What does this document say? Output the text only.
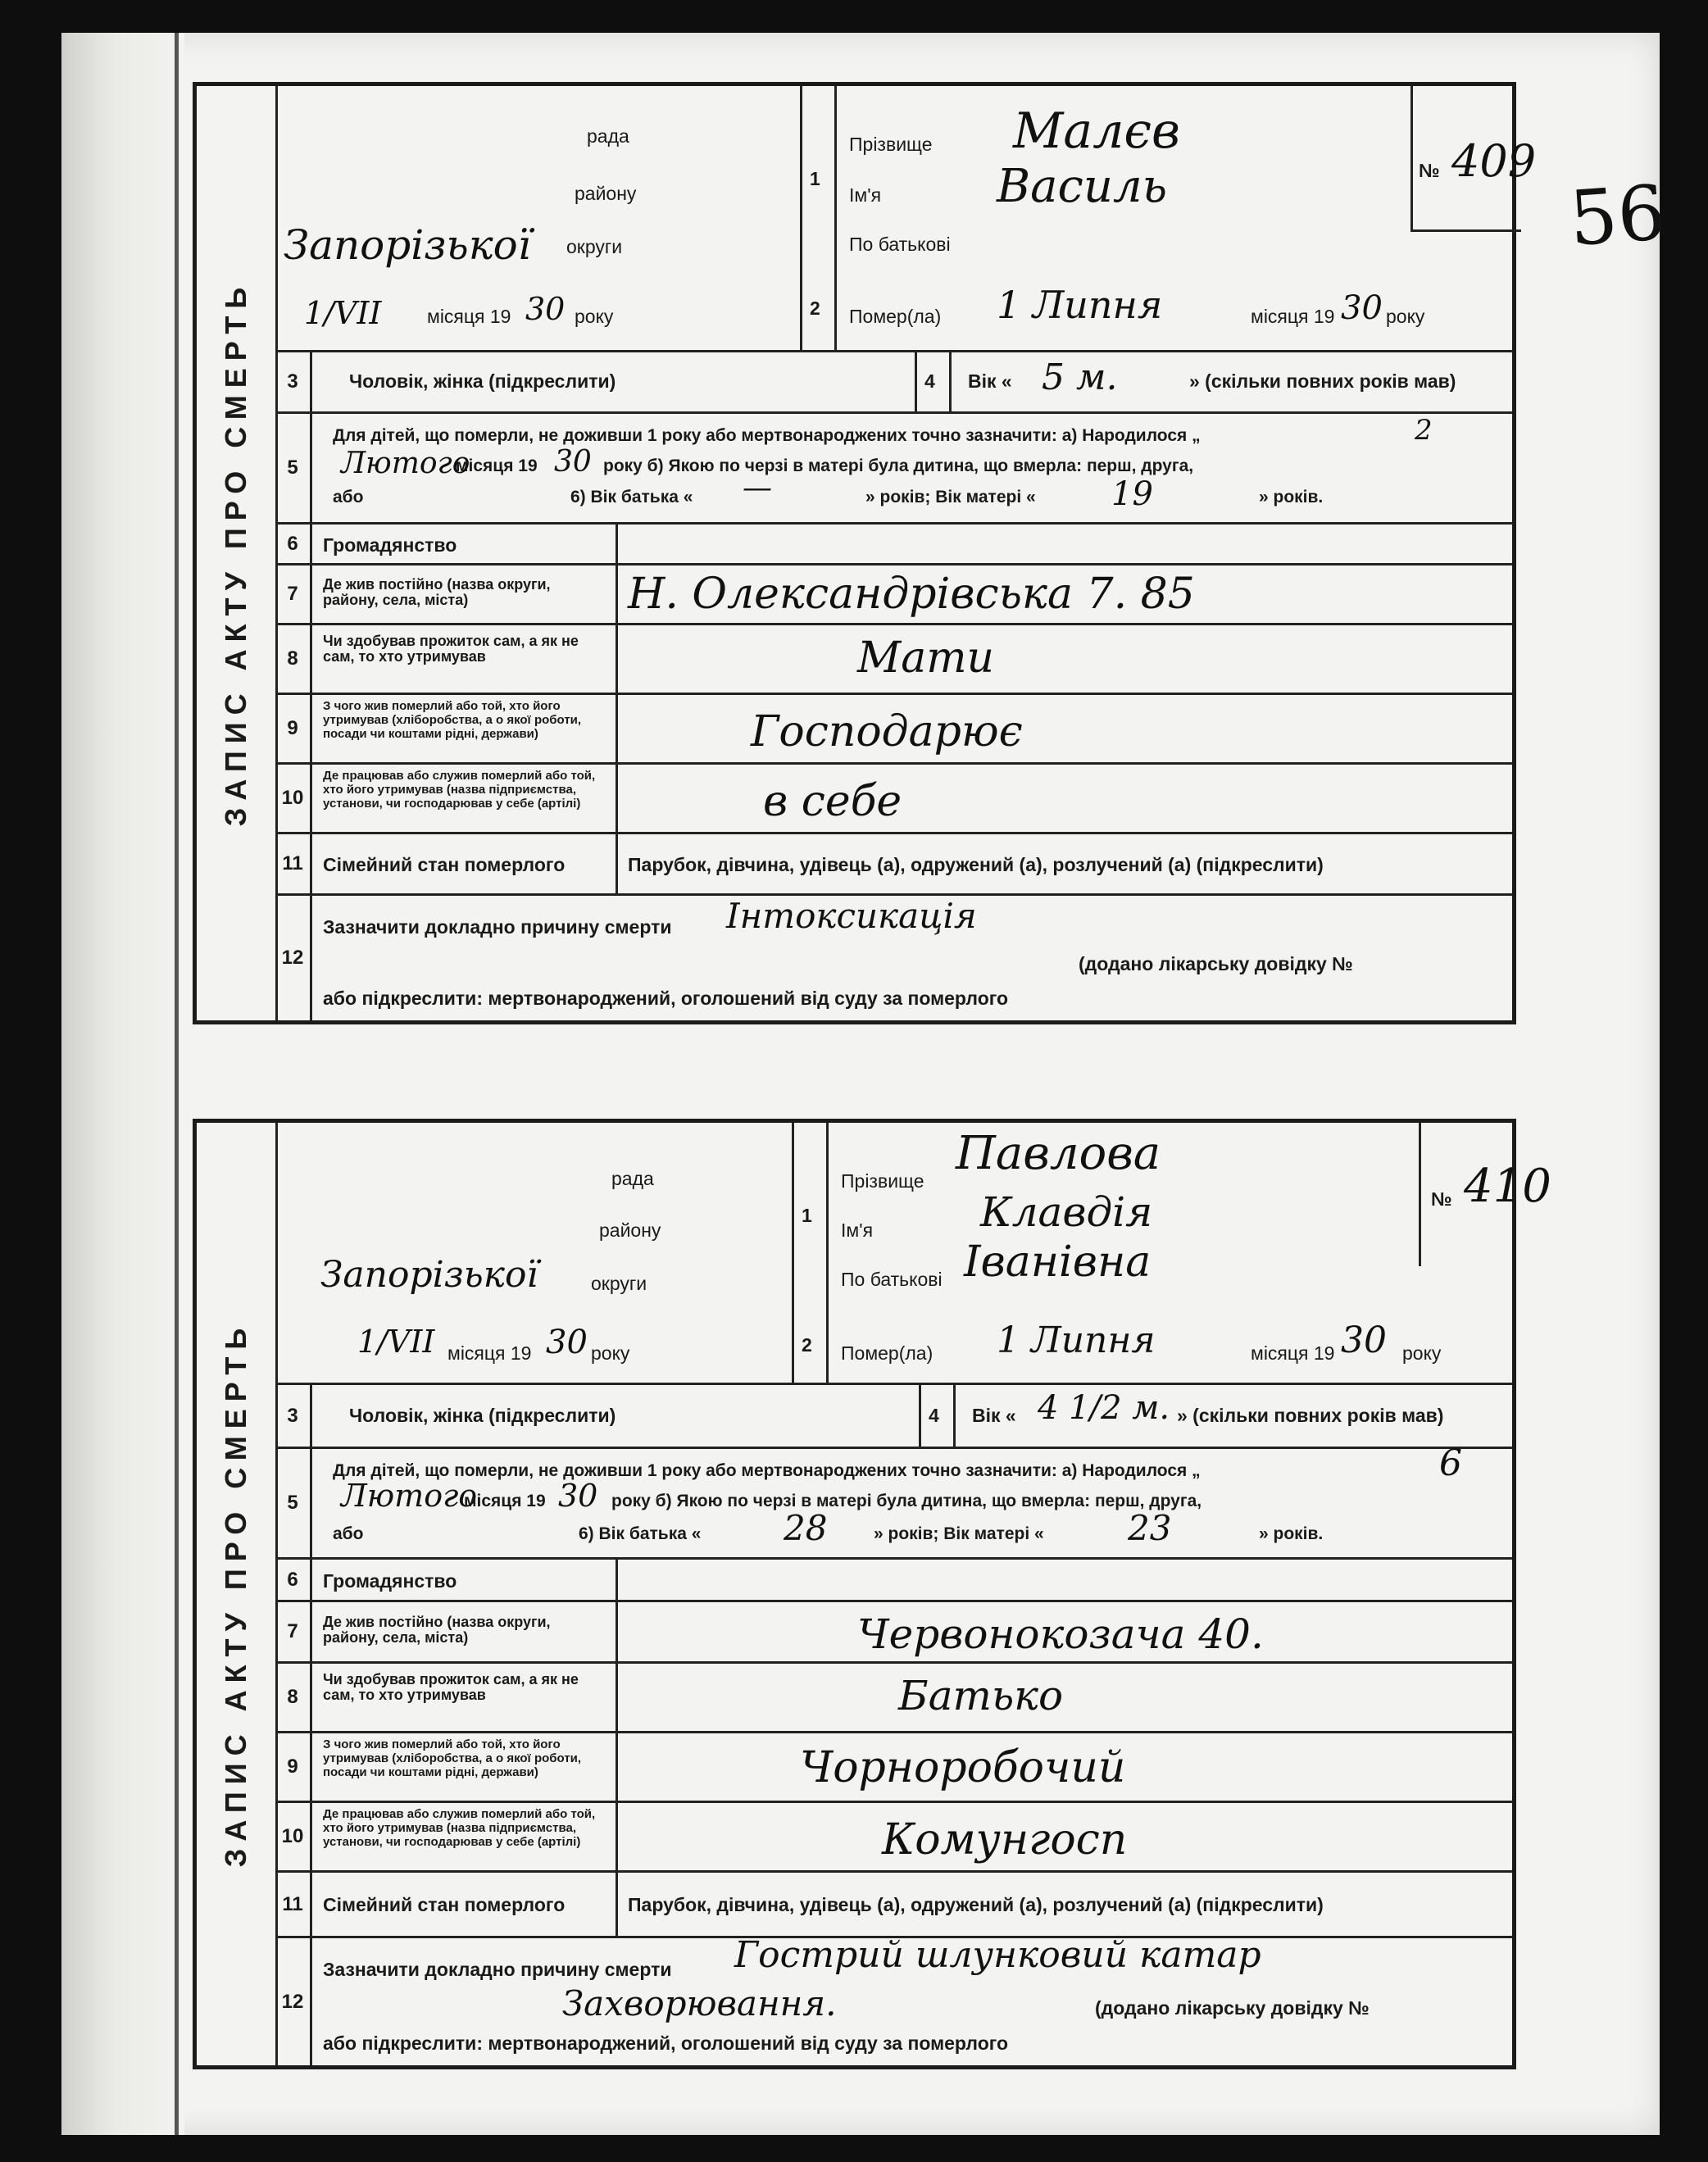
56
ЗАПИС АКТУ ПРО СМЕРТЬ
рада
району
округи
Запорізької
1/VII місяця 19 30 року
1
2
Прізвище Малєв
Ім'я	Василь
По батькові
Помер(ла) 1 Липня	місяця 19 30 року
№ 409
3	Чоловік, жінка (підкреслити)	4 Вік « 5 м.	» (скільки повних років мав)
5
Для дітей, що померли, не доживши 1 року або мертвонароджених точно зазначити: а) Народилося „	2
Лютого
місяця 19 30 року б) Якою по черзі в матері була дитина, що вмерла: перш, друга,
або	6) Вік батька « —	» років; Вік матері « 19	» років.
6	Громадянство
7	Де жив постійно (назва округи, району, села, міста)	Н. Олександрівська 7. 85
8
Чи здобував прожиток сам, а як не сам, то хто утримував	Мати
9
З чого жив померлий або той, хто його утримував (хліборобства, а о якої роботи, посади чи коштами рідні, держави)	Господарює
10
Де працював або служив померлий або той, хто його утримував (назва підприємства, установи, чи господарював у себе (артілі)	в себе
11	Сімейний стан померлого	Парубок, дівчина, удівець (а), одружений (а), розлучений (а) (підкреслити)
12
Зазначити докладно причину смерти Інтоксикація
(додано лікарську довідку №
або підкреслити: мертвонароджений, оголошений від суду за померлого
ЗАПИС АКТУ ПРО СМЕРТЬ
рада
району
округи
Запорізької
1/VII місяця 19 30 року
1
2
Прізвище
Павлова
Ім'я	Клавдія
По батькові Іванівна
Помер(ла) 1 Липня	місяця 19 30 року
№ 410
3	Чоловік, жінка (підкреслити)	4 Вік « 4 1/2 м. » (скільки повних років мав)
5
Для дітей, що померли, не доживши 1 року або мертвонароджених точно зазначити: а) Народилося „	6
Лютого
місяця 19 30 року б) Якою по черзі в матері була дитина, що вмерла: перш, друга,
або	6) Вік батька « 28	» років; Вік матері « 23	» років.
6	Громадянство
7	Де жив постійно (назва округи, району, села, міста)	Червонокозача 40.
8
Чи здобував прожиток сам, а як не сам, то хто утримував	Батько
9
З чого жив померлий або той, хто його утримував (хліборобства, а о якої роботи, посади чи коштами рідні, держави)	Чорноробочий
10
Де працював або служив померлий або той, хто його утримував (назва підприємства, установи, чи господарював у себе (артілі)	Комунгосп
11	Сімейний стан померлого	Парубок, дівчина, удівець (а), одружений (а), розлучений (а) (підкреслити)
12
Зазначити докладно причину смерти Гострий шлунковий катар
Захворювання.	(додано лікарську довідку №
або підкреслити: мертвонароджений, оголошений від суду за померлого
